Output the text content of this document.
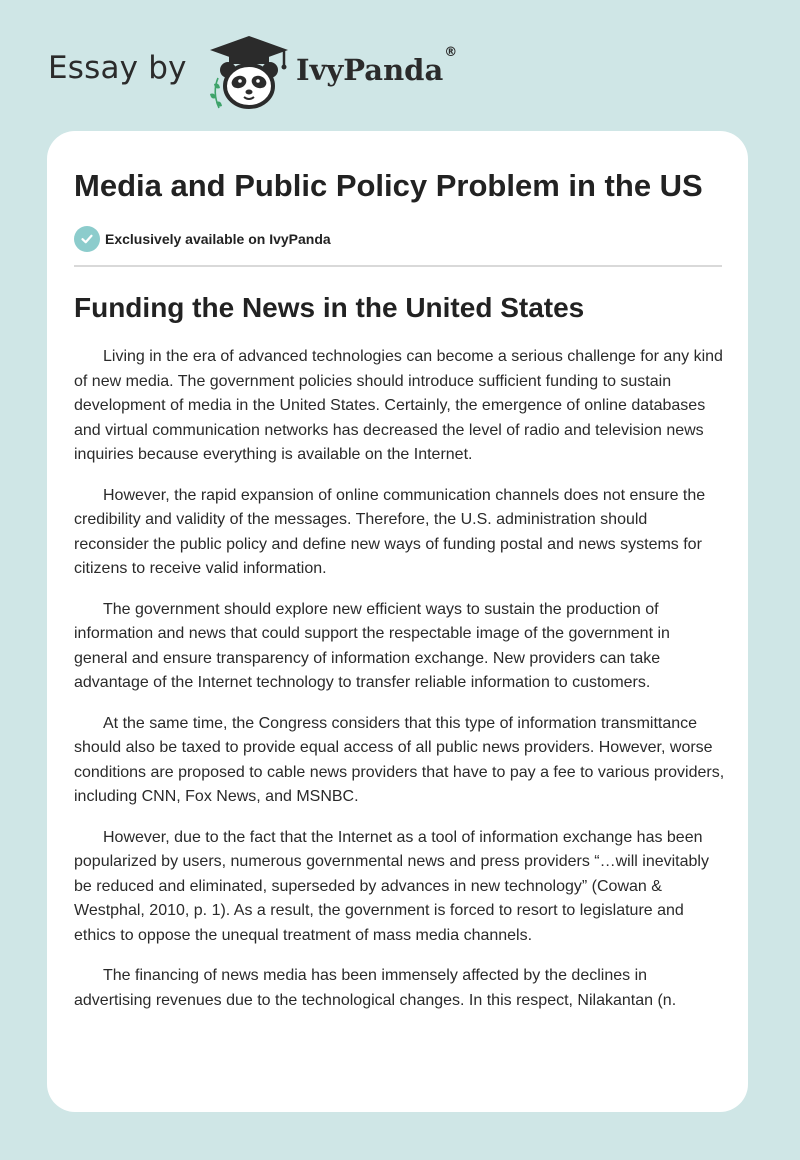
Essay by	IvyPanda®
Media and Public Policy Problem in the US
Exclusively available on IvyPanda
Funding the News in the United States

Living in the era of advanced technologies can become a serious challenge for any kind of new media. The government policies should introduce sufficient funding to sustain development of media in the United States. Certainly, the emergence of online databases and virtual communication networks has decreased the level of radio and television news inquiries because everything is available on the Internet.

However, the rapid expansion of online communication channels does not ensure the credibility and validity of the messages. Therefore, the U.S. administration should reconsider the public policy and define new ways of funding postal and news systems for citizens to receive valid information.

The government should explore new efficient ways to sustain the production of information and news that could support the respectable image of the government in general and ensure transparency of information exchange. New providers can take advantage of the Internet technology to transfer reliable information to customers.

At the same time, the Congress considers that this type of information transmittance should also be taxed to provide equal access of all public news providers. However, worse conditions are proposed to cable news providers that have to pay a fee to various providers, including CNN, Fox News, and MSNBC.

However, due to the fact that the Internet as a tool of information exchange has been popularized by users, numerous governmental news and press providers “…will inevitably be reduced and eliminated, superseded by advances in new technology” (Cowan & Westphal, 2010, p. 1). As a result, the government is forced to resort to legislature and ethics to oppose the unequal treatment of mass media channels.

The financing of news media has been immensely affected by the declines in advertising revenues due to the technological changes. In this respect, Nilakantan (n.
